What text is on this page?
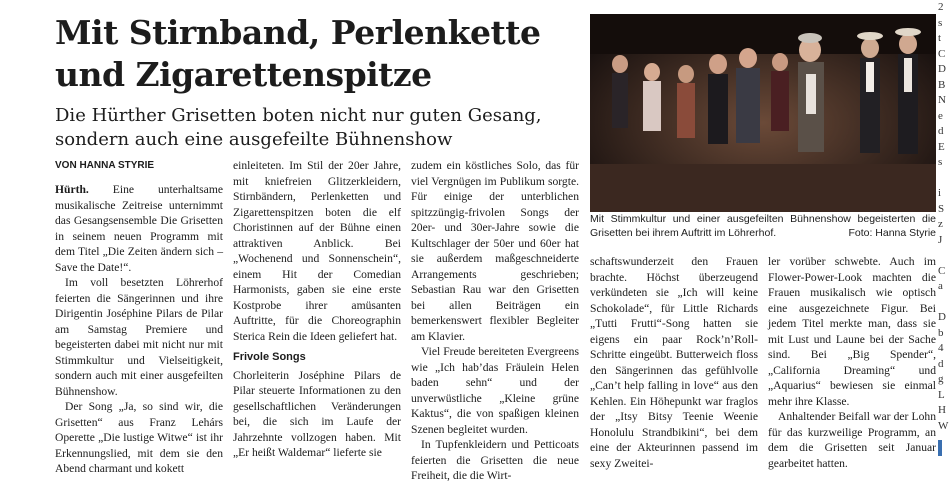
Mit Stirnband, Perlenkette
und Zigarettenspitze
Die Hürther Grisetten boten nicht nur guten Gesang,
sondern auch eine ausgefeilte Bühnenshow
VON HANNA STYRIE

Hürth. Eine unterhaltsame musikalische Zeitreise unternimmt das Gesangsensemble Die Grisetten in seinem neuen Programm mit dem Titel „Die Zeiten ändern sich – Save the Date!“.

Im voll besetzten Löhrerhof feierten die Sängerinnen und ihre Dirigentin Joséphine Pilars de Pilar am Samstag Premiere und begeisterten dabei mit nicht nur mit Stimmkultur und Vielseitigkeit, sondern auch mit einer ausgefeilten Bühnenshow.

Der Song „Ja, so sind wir, die Grisetten“ aus Franz Lehárs Operette „Die lustige Witwe“ ist ihr Erkennungslied, mit dem sie den Abend charmant und kokett

einleiteten. Im Stil der 20er Jahre, mit kniefreien Glitzerkleidern, Stirnbändern, Perlenketten und Zigarettenspitzen boten die elf Choristinnen auf der Bühne einen attraktiven Anblick. Bei „Wochenend und Sonnenschein“, einem Hit der Comedian Harmonists, gaben sie eine erste Kostprobe ihrer amüsanten Auftritte, für die Choreographin Sterica Rein die Ideen geliefert hat.

Frivole Songs

Chorleiterin Joséphine Pilars de Pilar steuerte Informationen zu den gesellschaftlichen Veränderungen bei, die sich im Laufe der Jahrzehnte vollzogen haben. Mit „Er heißt Waldemar“ lieferte sie

zudem ein köstliches Solo, das für viel Vergnügen im Publikum sorgte. Für einige der unterblichen spitzzüngig-frivolen Songs der 20er- und 30er-Jahre sowie die Kultschlager der 50er und 60er hat sie außerdem maßgeschneiderte Arrangements geschrieben; Sebastian Rau war den Grisetten bei allen Beiträgen ein bemerkenswert flexibler Begleiter am Klavier.

Viel Freude bereiteten Evergreens wie „Ich hab’das Fräulein Helen baden sehn“ und der unverwüstliche „Kleine grüne Kaktus“, die von spaßigen kleinen Szenen begleitet wurden.

In Tupfenkleidern und Petticoats feierten die Grisetten die neue Freiheit, die die Wirt-

Mit Stimmkultur und einer ausgefeilten Bühnenshow begeisterten die Grisetten bei ihrem Auftritt im Löhrerhof.	Foto: Hanna Styrie

schaftswunderzeit den Frauen brachte. Höchst überzeugend verkündeten sie „Ich will keine Schokolade“, für Little Richards „Tutti Frutti“-Song hatten sie eigens ein paar Rock’n’Roll-Schritte eingeübt. Butterweich floss den Sängerinnen das gefühlvolle „Can’t help falling in love“ aus den Kehlen. Ein Höhepunkt war fraglos der „Itsy Bitsy Teenie Weenie Honolulu Strandbikini“, bei dem eine der Akteurinnen passend im sexy Zweitei-

ler vorüber schwebte. Auch im Flower-Power-Look machten die Frauen musikalisch wie optisch eine ausgezeichnete Figur. Bei jedem Titel merkte man, dass sie mit Lust und Laune bei der Sache sind. Bei „Big Spender“, „California Dreaming“ und „Aquarius“ bewiesen sie einmal mehr ihre Klasse.

Anhaltender Beifall war der Lohn für das kurzweilige Programm, an dem die Grisetten seit Januar gearbeitet hatten.

2
s
t
C
D
B
N
e
d
E
s

i
S
z
J

C
a

D
b
4
d
g
L
H
W
